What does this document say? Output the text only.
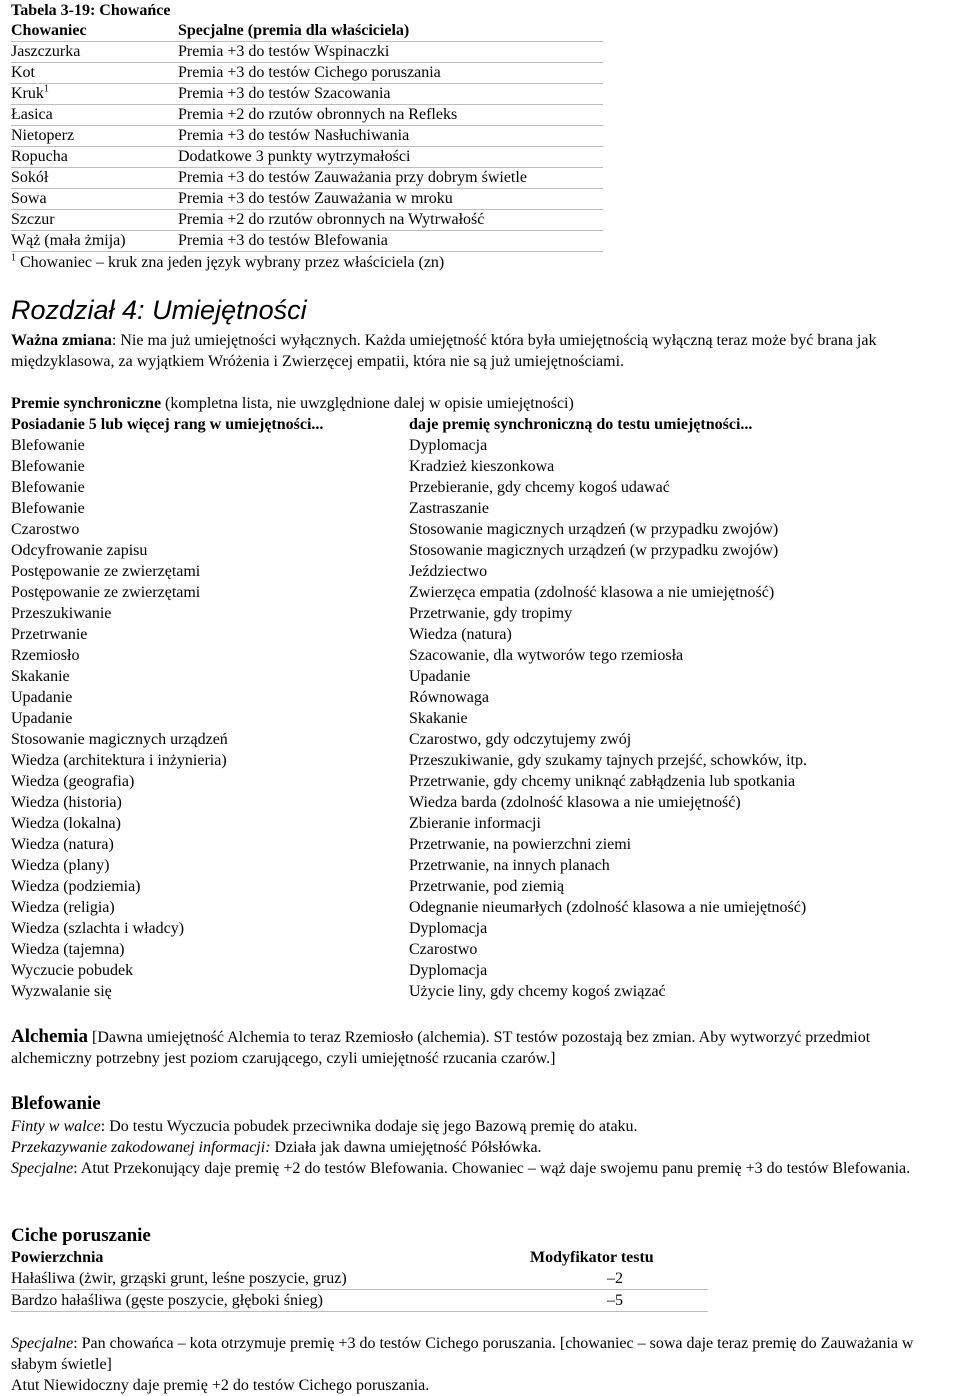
Tabela 3-19: Chowańce
Chowaniec	Specjalne (premia dla właściciela)
Jaszczurka	Premia +3 do testów Wspinaczki
Kot	Premia +3 do testów Cichego poruszania
Kruk$^1$	Premia +3 do testów Szacowania
Łasica	Premia +2 do rzutów obronnych na Refleks
Nietoperz	Premia +3 do testów Nasłuchiwania
Ropucha	Dodatkowe 3 punkty wytrzymałości
Sokół	Premia +3 do testów Zauważania przy dobrym świetle
Sowa	Premia +3 do testów Zauważania w mroku
Szczur	Premia +2 do rzutów obronnych na Wytrwałość
Wąż (mała żmija)	Premia +3 do testów Blefowania
$^1$ Chowaniec – kruk zna jeden język wybrany przez właściciela (zn)
Rozdział 4: Umiejętności

Ważna zmiana: Nie ma już umiejętności wyłącznych. Każda umiejętność która była umiejętnością wyłączną teraz może być brana jak międzyklasowa, za wyjątkiem Wróżenia i Zwierzęcej empatii, która nie są już umiejętnościami.

Premie synchroniczne (kompletna lista, nie uwzględnione dalej w opisie umiejętności)
Posiadanie 5 lub więcej rang w umiejętności...	daje premię synchroniczną do testu umiejętności...
Blefowanie	Dyplomacja
Blefowanie	Kradzież kieszonkowa
Blefowanie	Przebieranie, gdy chcemy kogoś udawać
Blefowanie	Zastraszanie
Czarostwo	Stosowanie magicznych urządzeń (w przypadku zwojów)
Odcyfrowanie zapisu	Stosowanie magicznych urządzeń (w przypadku zwojów)
Postępowanie ze zwierzętami	Jeździectwo
Postępowanie ze zwierzętami	Zwierzęca empatia (zdolność klasowa a nie umiejętność)
Przeszukiwanie	Przetrwanie, gdy tropimy
Przetrwanie	Wiedza (natura)
Rzemiosło	Szacowanie, dla wytworów tego rzemiosła
Skakanie	Upadanie
Upadanie	Równowaga
Upadanie	Skakanie
Stosowanie magicznych urządzeń	Czarostwo, gdy odczytujemy zwój
Wiedza (architektura i inżynieria)	Przeszukiwanie, gdy szukamy tajnych przejść, schowków, itp.
Wiedza (geografia)	Przetrwanie, gdy chcemy uniknąć zabłądzenia lub spotkania
Wiedza (historia)	Wiedza barda (zdolność klasowa a nie umiejętność)
Wiedza (lokalna)	Zbieranie informacji
Wiedza (natura)	Przetrwanie, na powierzchni ziemi
Wiedza (plany)	Przetrwanie, na innych planach
Wiedza (podziemia)	Przetrwanie, pod ziemią
Wiedza (religia)	Odegnanie nieumarłych (zdolność klasowa a nie umiejętność)
Wiedza (szlachta i władcy)	Dyplomacja
Wiedza (tajemna)	Czarostwo
Wyczucie pobudek	Dyplomacja
Wyzwalanie się	Użycie liny, gdy chcemy kogoś związać

Alchemia [Dawna umiejętność Alchemia to teraz Rzemiosło (alchemia). ST testów pozostają bez zmian. Aby wytworzyć przedmiot alchemiczny potrzebny jest poziom czarującego, czyli umiejętność rzucania czarów.]

Blefowanie
Finty w walce: Do testu Wyczucia pobudek przeciwnika dodaje się jego Bazową premię do ataku.
Przekazywanie zakodowanej informacji: Działa jak dawna umiejętność Półsłówka.
Specjalne: Atut Przekonujący daje premię +2 do testów Blefowania. Chowaniec – wąż daje swojemu panu premię +3 do testów Blefowania.
Ciche poruszanie
Powierzchnia	Modyfikator testu	
Hałaśliwa (żwir, grząski grunt, leśne poszycie, gruz)	–2	
Bardzo hałaśliwa (gęste poszycie, głęboki śnieg)	–5	

Specjalne: Pan chowańca – kota otrzymuje premię +3 do testów Cichego poruszania. [chowaniec – sowa daje teraz premię do Zauważania w słabym świetle]

Atut Niewidoczny daje premię +2 do testów Cichego poruszania.
